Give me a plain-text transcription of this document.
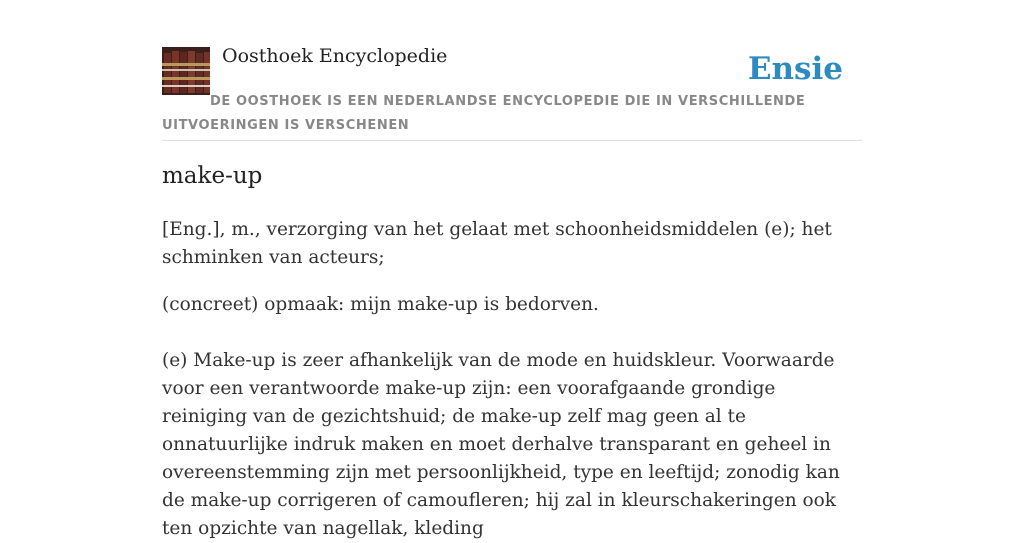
Oosthoek Encyclopedie	Ensie
DE OOSTHOEK IS EEN NEDERLANDSE ENCYCLOPEDIE DIE IN VERSCHILLENDE UITVOERINGEN IS VERSCHENEN
make-up

[Eng.], m., verzorging van het gelaat met schoonheidsmiddelen (e); het schminken van acteurs;

(concreet) opmaak: mijn make-up is bedorven.

(e) Make-up is zeer afhankelijk van de mode en huidskleur. Voorwaarde voor een verantwoorde make-up zijn: een voorafgaande grondige reiniging van de gezichtshuid; de make-up zelf mag geen al te onnatuurlijke indruk maken en moet derhalve transparant en geheel in overeenstemming zijn met persoonlijkheid, type en leeftijd; zonodig kan de make-up corrigeren of camoufleren; hij zal in kleurschakeringen ook ten opzichte van nagellak, kleding
